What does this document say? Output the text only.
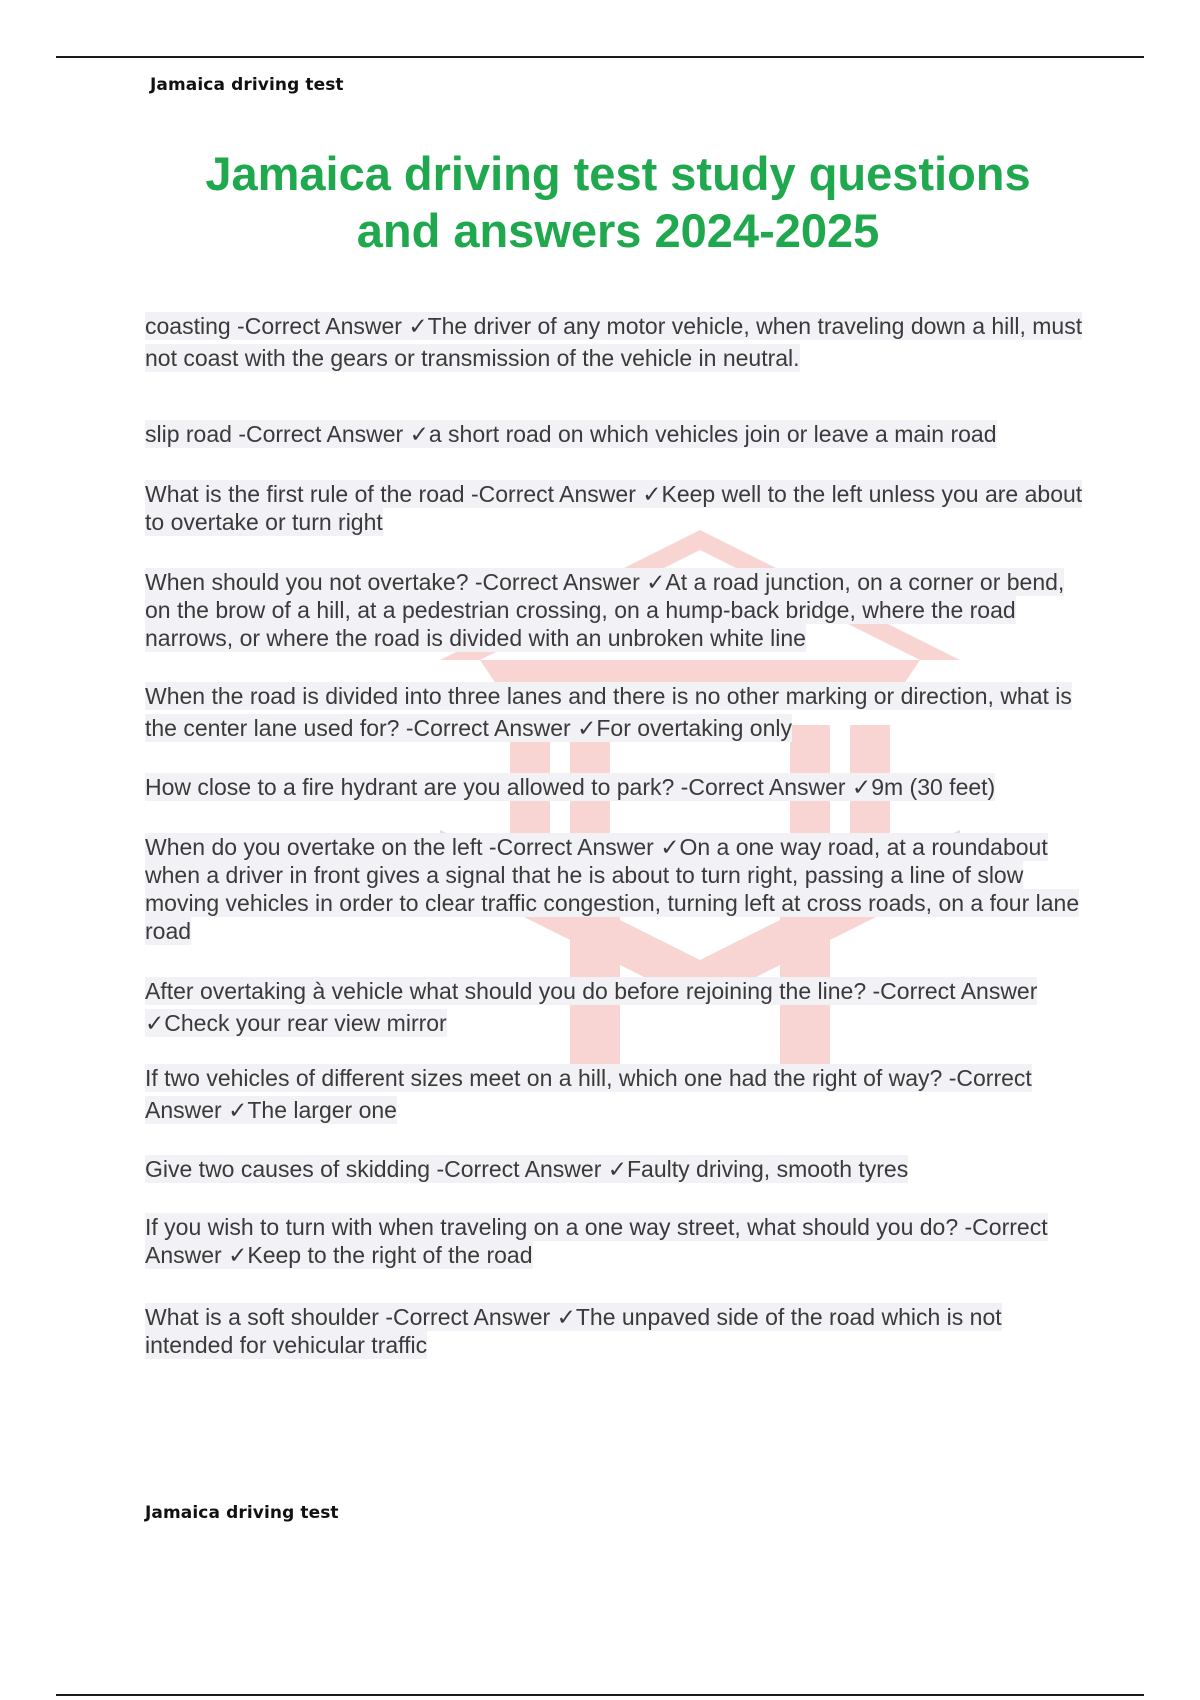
Jamaica driving test
Jamaica driving test study questions
and answers 2024-2025
coasting -Correct Answer ✓The driver of any motor vehicle, when traveling down a hill, must not coast with the gears or transmission of the vehicle in neutral.
slip road -Correct Answer ✓a short road on which vehicles join or leave a main road
What is the first rule of the road -Correct Answer ✓Keep well to the left unless you are about to overtake or turn right
When should you not overtake? -Correct Answer ✓At a road junction, on a corner or bend, on the brow of a hill, at a pedestrian crossing, on a hump-back bridge, where the road narrows, or where the road is divided with an unbroken white line
When the road is divided into three lanes and there is no other marking or direction, what is the center lane used for? -Correct Answer ✓For overtaking only
How close to a fire hydrant are you allowed to park? -Correct Answer ✓9m (30 feet)
When do you overtake on the left -Correct Answer ✓On a one way road, at a roundabout when a driver in front gives a signal that he is about to turn right, passing a line of slow moving vehicles in order to clear traffic congestion, turning left at cross roads, on a four lane road
After overtaking à vehicle what should you do before rejoining the line? -Correct Answer ✓Check your rear view mirror
If two vehicles of different sizes meet on a hill, which one had the right of way? -Correct Answer ✓The larger one
Give two causes of skidding -Correct Answer ✓Faulty driving, smooth tyres
If you wish to turn with when traveling on a one way street, what should you do? -Correct Answer ✓Keep to the right of the road
What is a soft shoulder -Correct Answer ✓The unpaved side of the road which is not intended for vehicular traffic
Jamaica driving test
